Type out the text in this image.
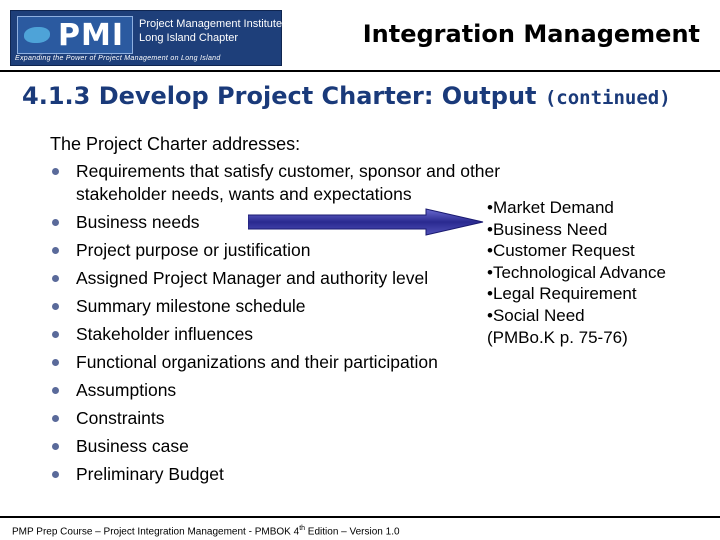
PMI Project Management Institute
Long Island Chapter
Expanding the Power of Project Management on Long Island
Integration Management
4.1.3 Develop Project Charter: Output (continued)
The Project Charter addresses:
Requirements that satisfy customer, sponsor and other stakeholder needs, wants and expectations
Business needs
Project purpose or justification
Assigned Project Manager and authority level
Summary milestone schedule
Stakeholder influences
Functional organizations and their participation
Assumptions
Constraints
Business case
Preliminary Budget
•Market Demand
•Business Need
•Customer Request
•Technological Advance
•Legal Requirement
•Social Need
(PMBo.K p. 75-76)
PMP Prep Course – Project Integration Management - PMBOK 4th Edition – Version 1.0
